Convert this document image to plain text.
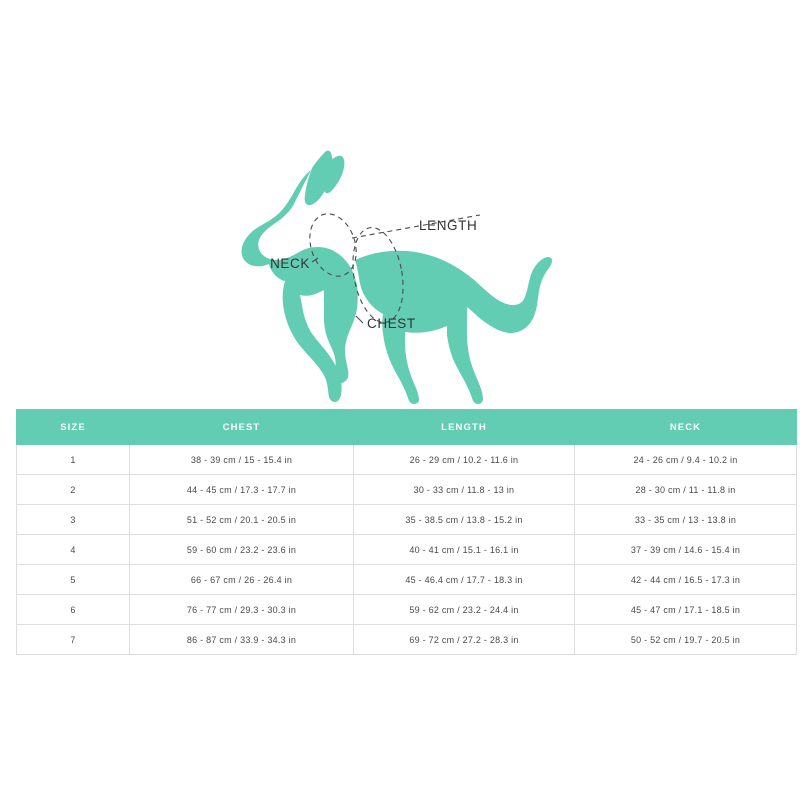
LENGTH
NECK
CHEST
SIZE	CHEST	LENGTH	NECK
1	38 - 39 cm / 15 - 15.4 in	26 - 29 cm / 10.2 - 11.6 in	24 - 26 cm / 9.4 - 10.2 in
2	44 - 45 cm / 17.3 - 17.7 in	30 - 33 cm / 11.8 - 13 in	28 - 30 cm / 11 - 11.8 in
3	51 - 52 cm / 20.1 - 20.5 in	35 - 38.5 cm / 13.8 - 15.2 in	33 - 35 cm / 13 - 13.8 in
4	59 - 60 cm / 23.2 - 23.6 in	40 - 41 cm / 15.1 - 16.1 in	37 - 39 cm / 14.6 - 15.4 in
5	66 - 67 cm / 26 - 26.4 in	45 - 46.4 cm / 17.7 - 18.3 in	42 - 44 cm / 16.5 - 17.3 in
6	76 - 77 cm / 29.3 - 30.3 in	59 - 62 cm / 23.2 - 24.4 in	45 - 47 cm / 17.1 - 18.5 in
7	86 - 87 cm / 33.9 - 34.3 in	69 - 72 cm / 27.2 - 28.3 in	50 - 52 cm / 19.7 - 20.5 in
